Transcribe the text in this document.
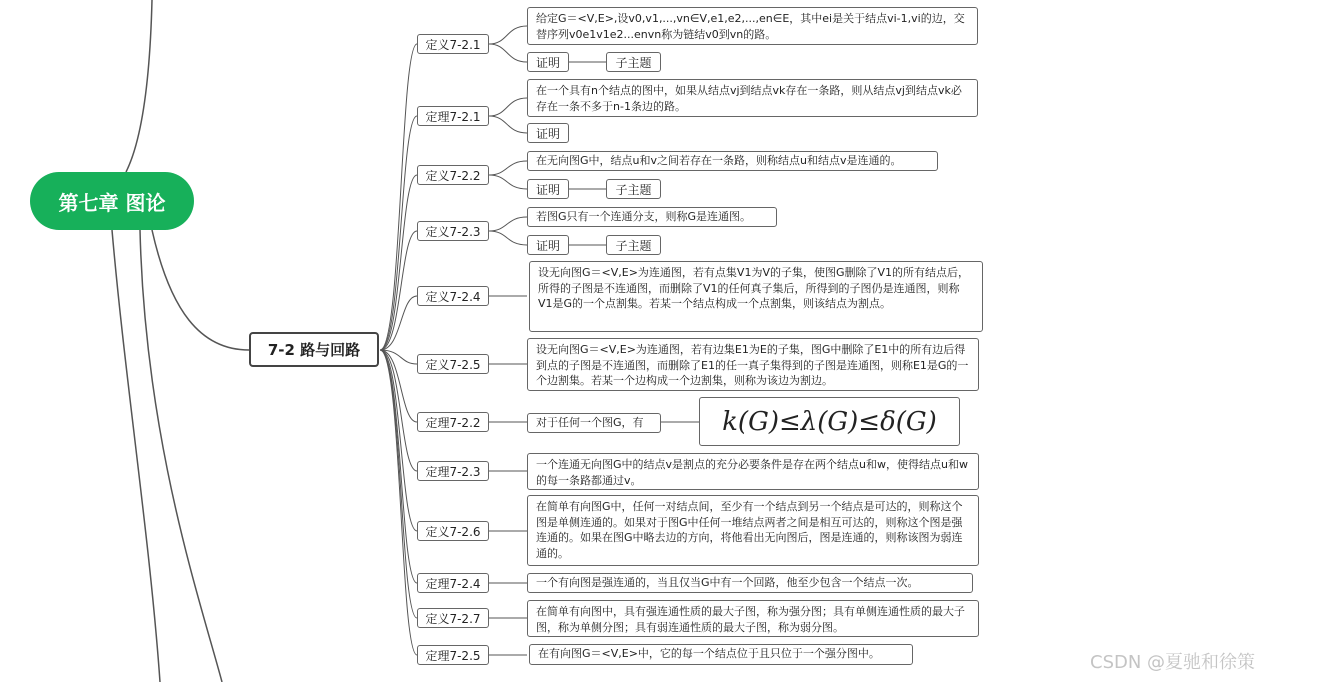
第七章 图论
7-2 路与回路
定义7-2.1
给定G＝<V,E>,设v0,v1,...,vn∈V,e1,e2,...,en∈E，其中ei是关于结点vi-1,vi的边，交替序列v0e1v1e2...envn称为链结v0到vn的路。
证明	子主题
定理7-2.1
在一个具有n个结点的图中，如果从结点vj到结点vk存在一条路，则从结点vj到结点vk必存在一条不多于n-1条边的路。
证明
定义7-2.2
在无向图G中，结点u和v之间若存在一条路，则称结点u和结点v是连通的。
证明	子主题
定义7-2.3
若图G只有一个连通分支，则称G是连通图。
证明	子主题
定义7-2.4
设无向图G＝<V,E>为连通图，若有点集V1为V的子集，使图G删除了V1的所有结点后，所得的子图是不连通图，而删除了V1的任何真子集后，所得到的子图仍是连通图，则称V1是G的一个点割集。若某一个结点构成一个点割集，则该结点为割点。
定义7-2.5
设无向图G＝<V,E>为连通图，若有边集E1为E的子集，图G中删除了E1中的所有边后得到点的子图是不连通图，而删除了E1的任一真子集得到的子图是连通图，则称E1是G的一个边割集。若某一个边构成一个边割集，则称为该边为割边。
定理7-2.2	对于任何一个图G，有	k(G)≤λ(G)≤δ(G)
定理7-2.3	一个连通无向图G中的结点v是割点的充分必要条件是存在两个结点u和w，使得结点u和w的每一条路都通过v。
定义7-2.6
在简单有向图G中，任何一对结点间，至少有一个结点到另一个结点是可达的，则称这个图是单侧连通的。如果对于图G中任何一堆结点两者之间是相互可达的，则称这个图是强连通的。如果在图G中略去边的方向，将他看出无向图后，图是连通的，则称该图为弱连通的。
定理7-2.4	一个有向图是强连通的，当且仅当G中有一个回路，他至少包含一个结点一次。
定义7-2.7	在简单有向图中，具有强连通性质的最大子图，称为强分图；具有单侧连通性质的最大子图，称为单侧分图；具有弱连通性质的最大子图，称为弱分图。
定理7-2.5	在有向图G＝<V,E>中，它的每一个结点位于且只位于一个强分图中。	CSDN @夏驰和徐策
